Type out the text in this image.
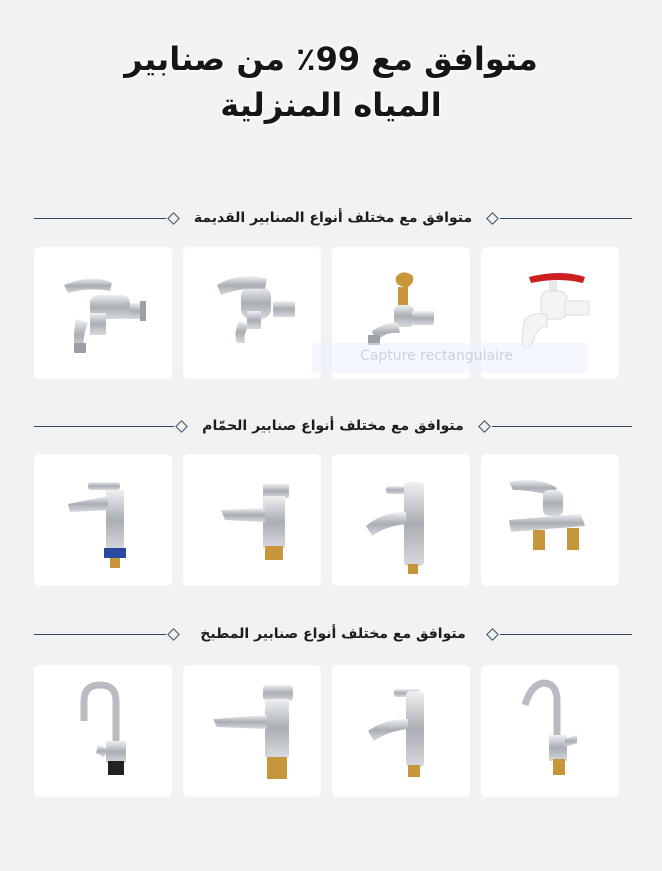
متوافق مع 99٪ من صنابير
المياه المنزلية
متوافق مع مختلف أنواع الصنابير القديمة
Capture rectangulaire
متوافق مع مختلف أنواع صنابير الحمّام
متوافق مع مختلف أنواع صنابير المطبخ
